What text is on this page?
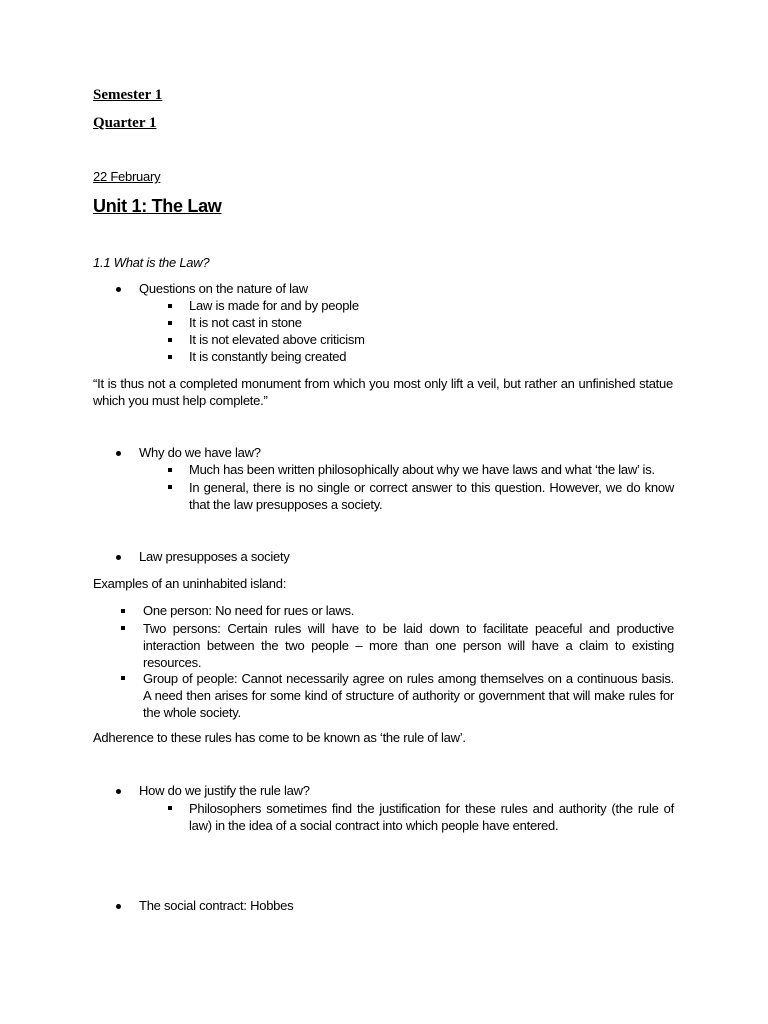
Semester 1
Quarter 1
22 February
Unit 1: The Law
1.1 What is the Law?
Questions on the nature of law
Law is made for and by people
It is not cast in stone
It is not elevated above criticism
It is constantly being created

“It is thus not a completed monument from which you most only lift a veil, but rather an unfinished statue which you must help complete.”

Why do we have law?
Much has been written philosophically about why we have laws and what ‘the law’ is.

In general, there is no single or correct answer to this question. However, we do know that the law presupposes a society.

Law presupposes a society
Examples of an uninhabited island:
One person: No need for rues or laws.

Two persons: Certain rules will have to be laid down to facilitate peaceful and productive interaction between the two people – more than one person will have a claim to existing resources.

Group of people: Cannot necessarily agree on rules among themselves on a continuous basis. A need then arises for some kind of structure of authority or government that will make rules for the whole society.

Adherence to these rules has come to be known as ‘the rule of law’.
How do we justify the rule law?

Philosophers sometimes find the justification for these rules and authority (the rule of law) in the idea of a social contract into which people have entered.

The social contract: Hobbes
